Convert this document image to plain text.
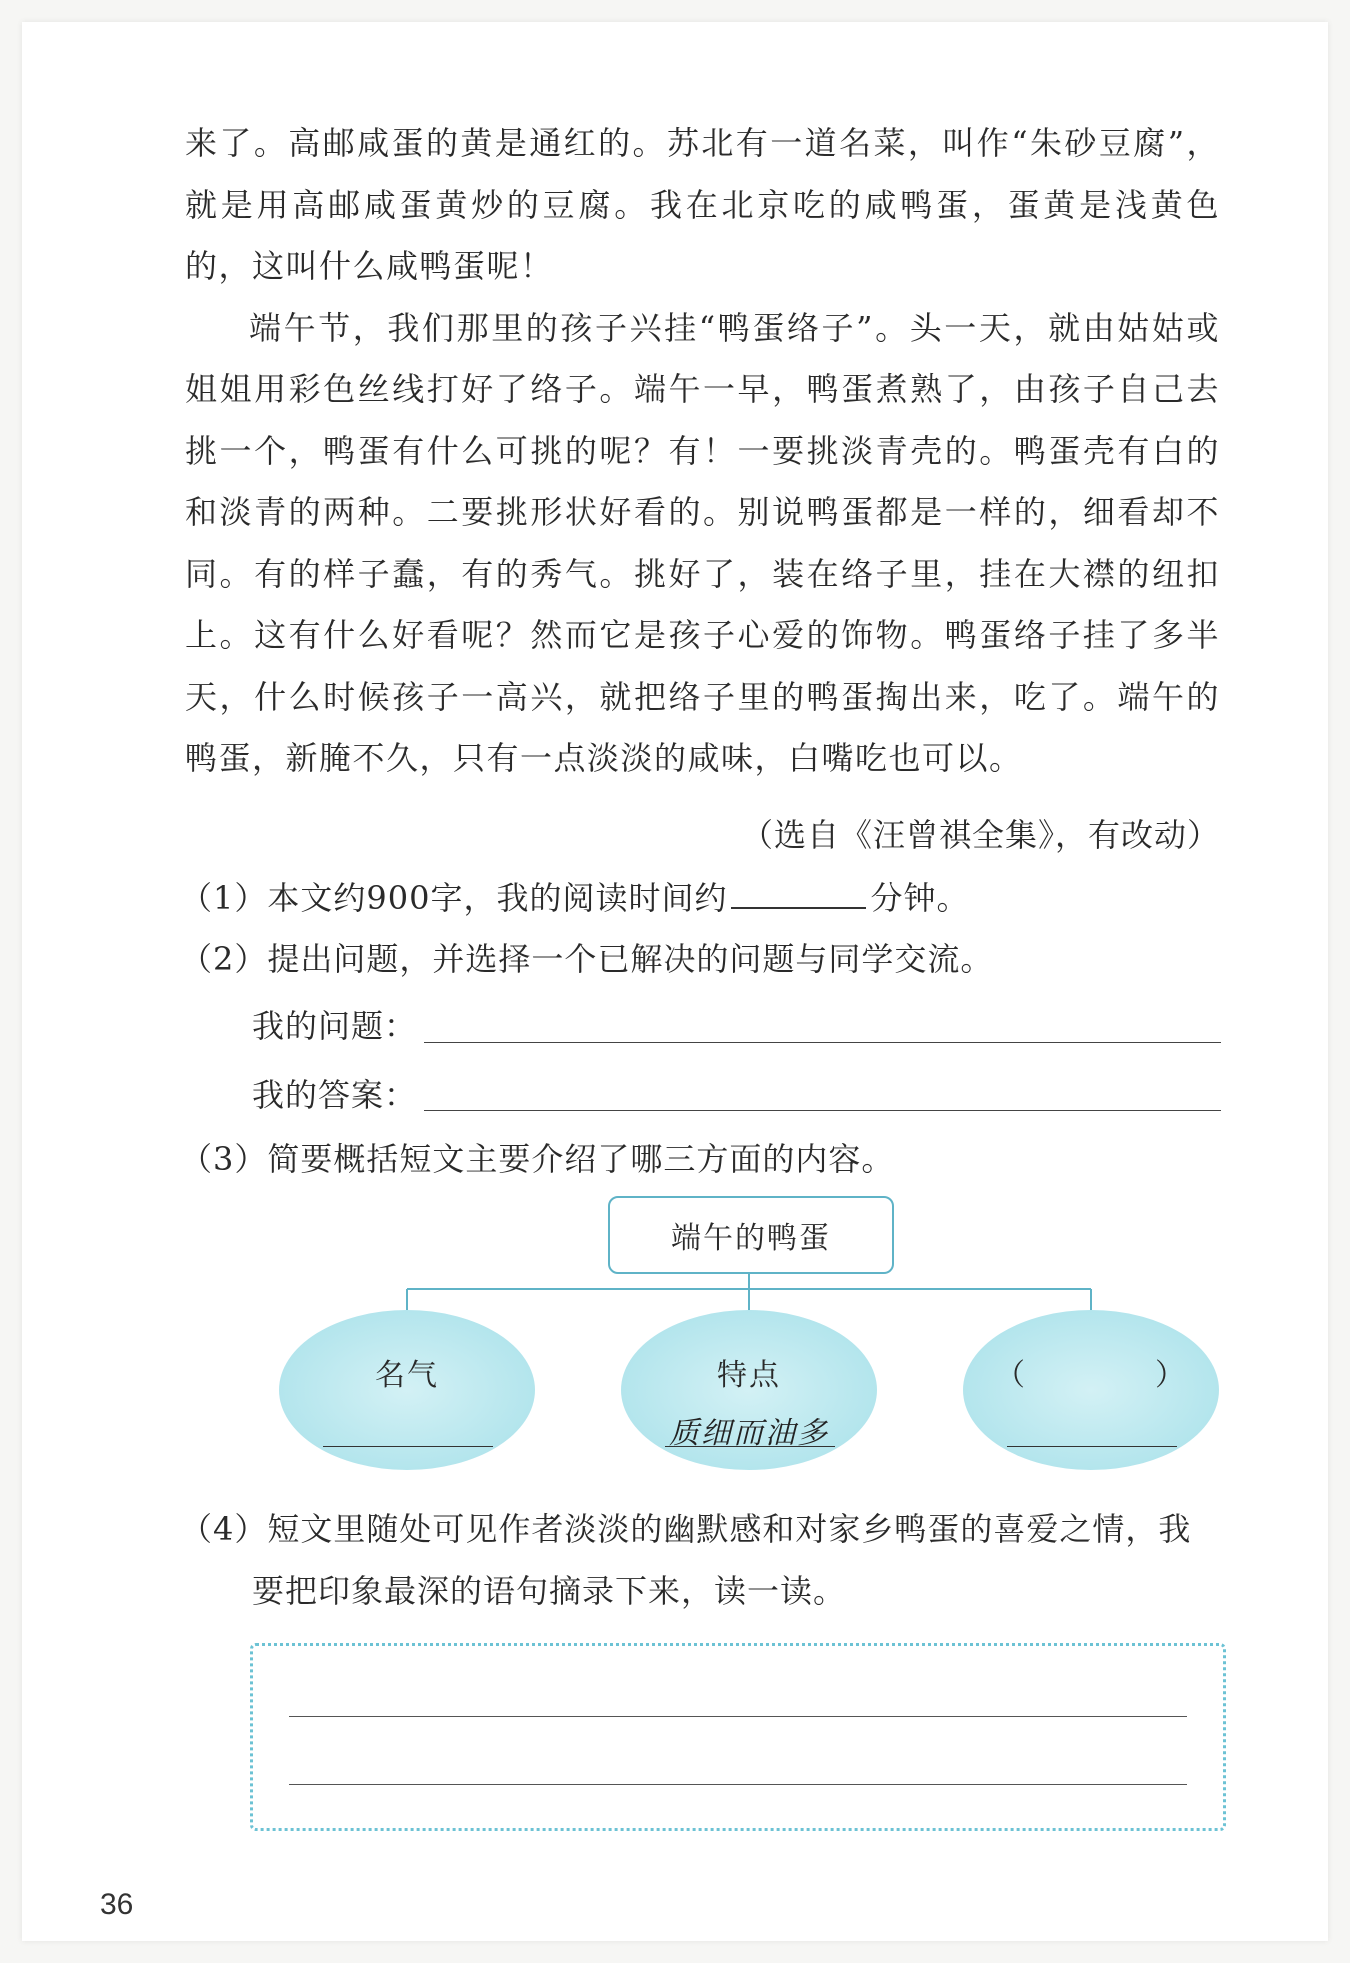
来了。高邮咸蛋的黄是通红的。苏北有一道名菜，叫作“朱砂豆腐”，就是用高邮咸蛋黄炒的豆腐。我在北京吃的咸鸭蛋，蛋黄是浅黄色的，这叫什么咸鸭蛋呢！

端午节，我们那里的孩子兴挂“鸭蛋络子”。头一天，就由姑姑或姐姐用彩色丝线打好了络子。端午一早，鸭蛋煮熟了，由孩子自己去挑一个，鸭蛋有什么可挑的呢？有！一要挑淡青壳的。鸭蛋壳有白的和淡青的两种。二要挑形状好看的。别说鸭蛋都是一样的，细看却不同。有的样子蠢，有的秀气。挑好了，装在络子里，挂在大襟的纽扣上。这有什么好看呢？然而它是孩子心爱的饰物。鸭蛋络子挂了多半天，什么时候孩子一高兴，就把络子里的鸭蛋掏出来，吃了。端午的鸭蛋，新腌不久，只有一点淡淡的咸味，白嘴吃也可以。

（选自《汪曾祺全集》，有改动）
（1）本文约900字，我的阅读时间约	分钟。
（2）提出问题，并选择一个已解决的问题与同学交流。
我的问题：
我的答案：
（3）简要概括短文主要介绍了哪三方面的内容。
端午的鸭蛋
名气	特点
质细而油多
（　　　　）
（4）短文里随处可见作者淡淡的幽默感和对家乡鸭蛋的喜爱之情，我
要把印象最深的语句摘录下来，读一读。
36
